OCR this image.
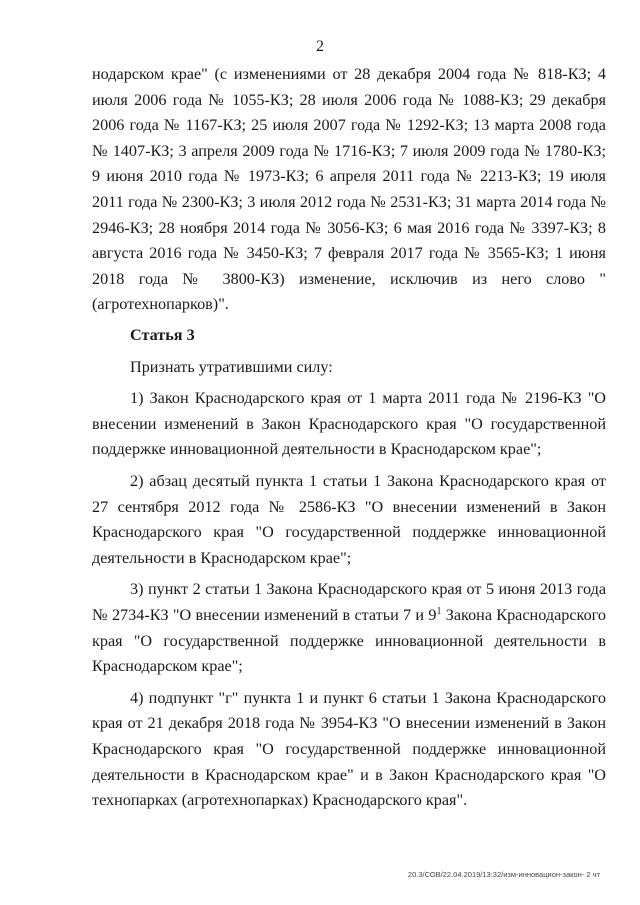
2

нодарском крае" (с изменениями от 28 декабря 2004 года № 818-КЗ; 4 июля 2006 года № 1055-КЗ; 28 июля 2006 года № 1088-КЗ; 29 декабря 2006 года № 1167-КЗ; 25 июля 2007 года № 1292-КЗ; 13 марта 2008 года № 1407-КЗ; 3 апреля 2009 года № 1716-КЗ; 7 июля 2009 года № 1780-КЗ; 9 июня 2010 года № 1973-КЗ; 6 апреля 2011 года № 2213-КЗ; 19 июля 2011 года № 2300-КЗ; 3 июля 2012 года № 2531-КЗ; 31 марта 2014 года № 2946-КЗ; 28 ноября 2014 года № 3056-КЗ; 6 мая 2016 года № 3397-КЗ; 8 августа 2016 года № 3450-КЗ; 7 февраля 2017 года № 3565-КЗ; 1 июня 2018 года № 3800-КЗ) изменение, исключив из него слово "(агротехнопарков)".

Статья 3

Признать утратившими силу:

1) Закон Краснодарского края от 1 марта 2011 года № 2196-КЗ "О внесении изменений в Закон Краснодарского края "О государственной поддержке инновационной деятельности в Краснодарском крае";

2) абзац десятый пункта 1 статьи 1 Закона Краснодарского края от 27 сентября 2012 года № 2586-КЗ "О внесении изменений в Закон Краснодарского края "О государственной поддержке инновационной деятельности в Краснодарском крае";

3) пункт 2 статьи 1 Закона Краснодарского края от 5 июня 2013 года № 2734-КЗ "О внесении изменений в статьи 7 и $9^1$ Закона Краснодарского края "О государственной поддержке инновационной деятельности в Краснодарском крае";

4) подпункт "г" пункта 1 и пункт 6 статьи 1 Закона Краснодарского края от 21 декабря 2018 года № 3954-КЗ "О внесении изменений в Закон Краснодарского края "О государственной поддержке инновационной деятельности в Краснодарском крае" и в Закон Краснодарского края "О технопарках (агротехнопарках) Краснодарского края".

20.3/СОВ/22.04.2019/13:32/изм-инновацион-закон- 2 чт
